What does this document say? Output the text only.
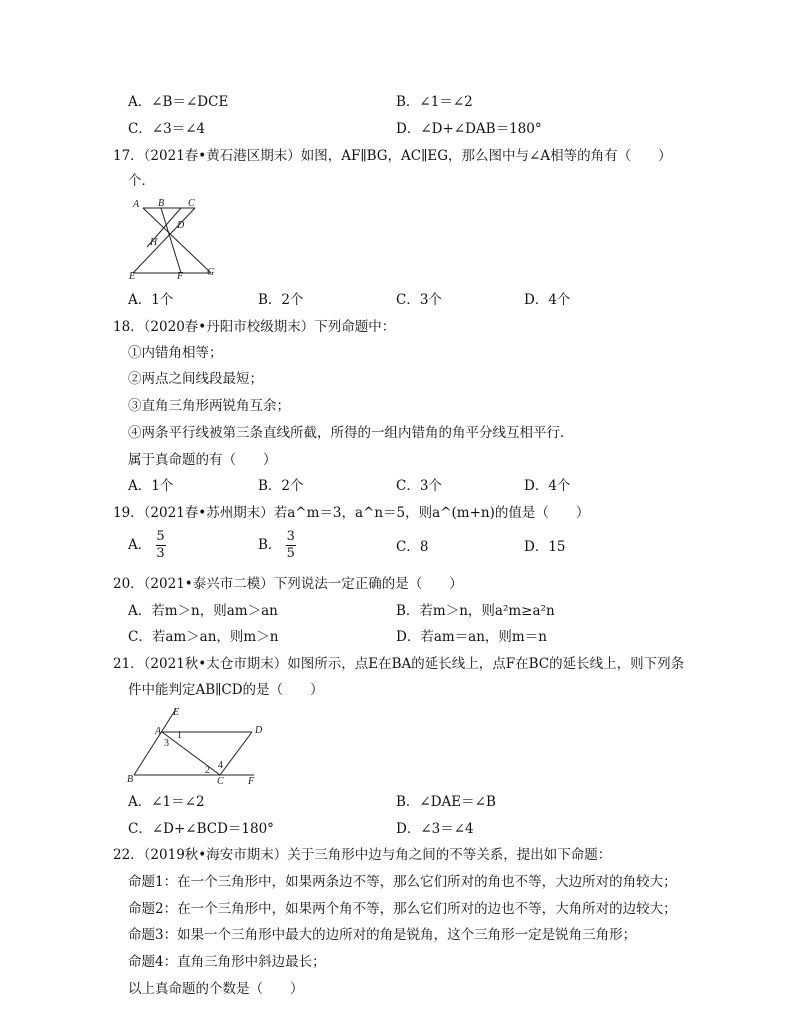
A．∠B＝∠DCE	B．∠1＝∠2
C．∠3＝∠4	D．∠D+∠DAB＝180°
17．（2021春•黄石港区期末）如图，AF∥BG，AC∥EG，那么图中与∠A相等的角有（　　）
个．
A B C
D
H
E	F G
A．1个	B．2个	C．3个	D．4个
18．（2020春•丹阳市校级期末）下列命题中：
①内错角相等；
②两点之间线段最短；
③直角三角形两锐角互余；
④两条平行线被第三条直线所截，所得的一组内错角的角平分线互相平行．
属于真命题的有（　　）
A．1个	B．2个	C．3个	D．4个
19．（2021春•苏州期末）若a^m＝3，a^n＝5，则a^(m+n)的值是（　　）
A． $\frac{5}{3}$	B． $\frac{3}{5}$	C．8	D．15
20．（2021•泰兴市二模）下列说法一定正确的是（　　）
A．若m＞n，则am＞an	B．若m＞n，则a²m≥a²n
C．若am＞an，则m＞n	D．若am＝an，则m＝n
21．（2021秋•太仓市期末）如图所示，点E在BA的延长线上，点F在BC的延长线上，则下列条
件中能判定AB∥CD的是（　　）
E
A 1
3
D
B
2 4
C F
A．∠1＝∠2	B．∠DAE＝∠B
C．∠D+∠BCD＝180°	D．∠3＝∠4
22．（2019秋•海安市期末）关于三角形中边与角之间的不等关系，提出如下命题：
命题1：在一个三角形中，如果两条边不等，那么它们所对的角也不等，大边所对的角较大；
命题2：在一个三角形中，如果两个角不等，那么它们所对的边也不等，大角所对的边较大；
命题3：如果一个三角形中最大的边所对的角是锐角，这个三角形一定是锐角三角形；
命题4：直角三角形中斜边最长；
以上真命题的个数是（　　）
